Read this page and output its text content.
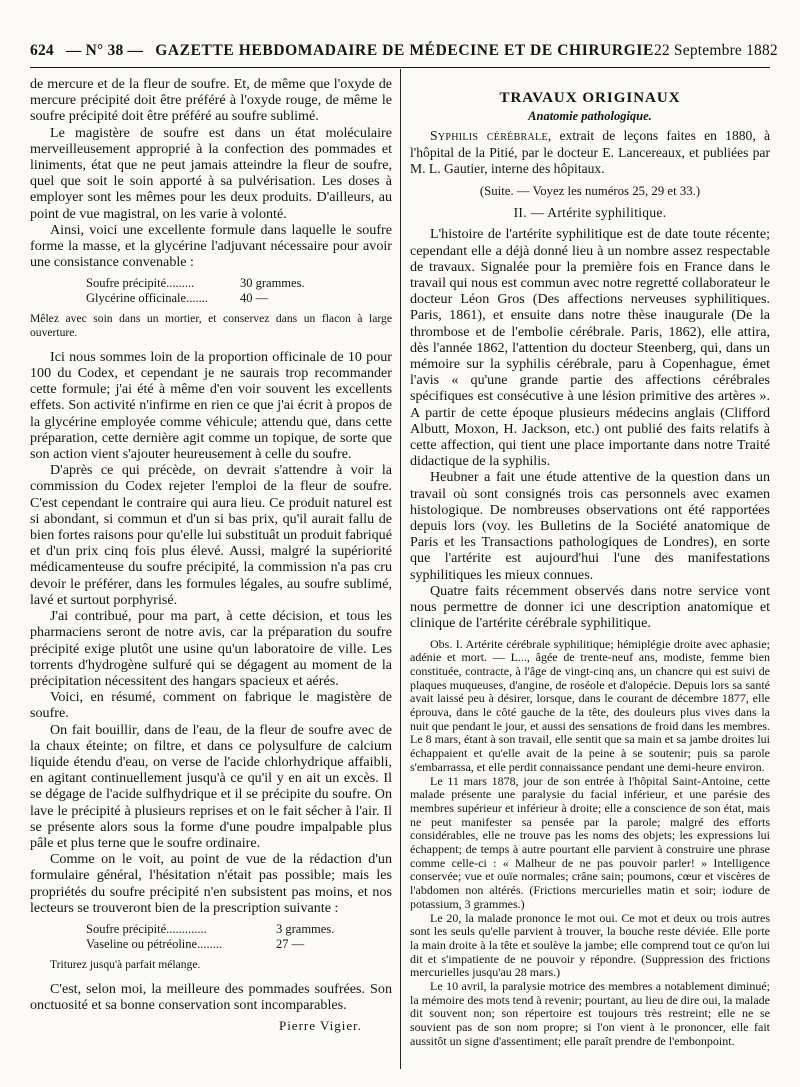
624 — N° 38 — GAZETTE HEBDOMADAIRE DE MÉDECINE ET DE CHIRURGIE 22 Septembre 1882

de mercure et de la fleur de soufre. Et, de même que l'oxyde de mercure précipité doit être préféré à l'oxyde rouge, de même le soufre précipité doit être préféré au soufre sublimé.

Le magistère de soufre est dans un état moléculaire merveilleusement approprié à la confection des pommades et liniments, état que ne peut jamais atteindre la fleur de soufre, quel que soit le soin apporté à sa pulvérisation. Les doses à employer sont les mêmes pour les deux produits. D'ailleurs, au point de vue magistral, on les varie à volonté.

Ainsi, voici une excellente formule dans laquelle le soufre forme la masse, et la glycérine l'adjuvant nécessaire pour avoir une consistance convenable :

Soufre précipité.........	30 grammes.
Glycérine officinale.......	40 —

Mêlez avec soin dans un mortier, et conservez dans un flacon à large ouverture.

Ici nous sommes loin de la proportion officinale de 10 pour 100 du Codex, et cependant je ne saurais trop recommander cette formule; j'ai été à même d'en voir souvent les excellents effets. Son activité n'infirme en rien ce que j'ai écrit à propos de la glycérine employée comme véhicule; attendu que, dans cette préparation, cette dernière agit comme un topique, de sorte que son action vient s'ajouter heureusement à celle du soufre.

D'après ce qui précède, on devrait s'attendre à voir la commission du Codex rejeter l'emploi de la fleur de soufre. C'est cependant le contraire qui aura lieu. Ce produit naturel est si abondant, si commun et d'un si bas prix, qu'il aurait fallu de bien fortes raisons pour qu'elle lui substituât un produit fabriqué et d'un prix cinq fois plus élevé. Aussi, malgré la supériorité médicamenteuse du soufre précipité, la commission n'a pas cru devoir le préférer, dans les formules légales, au soufre sublimé, lavé et surtout porphyrisé.

J'ai contribué, pour ma part, à cette décision, et tous les pharmaciens seront de notre avis, car la préparation du soufre précipité exige plutôt une usine qu'un laboratoire de ville. Les torrents d'hydrogène sulfuré qui se dégagent au moment de la précipitation nécessitent des hangars spacieux et aérés.

Voici, en résumé, comment on fabrique le magistère de soufre.

On fait bouillir, dans de l'eau, de la fleur de soufre avec de la chaux éteinte; on filtre, et dans ce polysulfure de calcium liquide étendu d'eau, on verse de l'acide chlorhydrique affaibli, en agitant continuellement jusqu'à ce qu'il y en ait un excès. Il se dégage de l'acide sulfhydrique et il se précipite du soufre. On lave le précipité à plusieurs reprises et on le fait sécher à l'air. Il se présente alors sous la forme d'une poudre impalpable plus pâle et plus terne que le soufre ordinaire.

Comme on le voit, au point de vue de la rédaction d'un formulaire général, l'hésitation n'était pas possible; mais les propriétés du soufre précipité n'en subsistent pas moins, et nos lecteurs se trouveront bien de la prescription suivante :

Soufre précipité.............	3 grammes.
Vaseline ou pétréoline........	27 —

Triturez jusqu'à parfait mélange.

C'est, selon moi, la meilleure des pommades soufrées. Son onctuosité et sa bonne conservation sont incomparables.

Pierre Vigier.

TRAVAUX ORIGINAUX
Anatomie pathologique.

Syphilis cérébrale, extrait de leçons faites en 1880, à l'hôpital de la Pitié, par le docteur E. Lancereaux, et publiées par M. L. Gautier, interne des hôpitaux.

(Suite. — Voyez les numéros 25, 29 et 33.)
II. — Artérite syphilitique.

L'histoire de l'artérite syphilitique est de date toute récente; cependant elle a déjà donné lieu à un nombre assez respectable de travaux. Signalée pour la première fois en France dans le travail qui nous est commun avec notre regretté collaborateur le docteur Léon Gros (Des affections nerveuses syphilitiques. Paris, 1861), et ensuite dans notre thèse inaugurale (De la thrombose et de l'embolie cérébrale. Paris, 1862), elle attira, dès l'année 1862, l'attention du docteur Steenberg, qui, dans un mémoire sur la syphilis cérébrale, paru à Copenhague, émet l'avis « qu'une grande partie des affections cérébrales spécifiques est consécutive à une lésion primitive des artères ». A partir de cette époque plusieurs médecins anglais (Clifford Albutt, Moxon, H. Jackson, etc.) ont publié des faits relatifs à cette affection, qui tient une place importante dans notre Traité didactique de la syphilis.

Heubner a fait une étude attentive de la question dans un travail où sont consignés trois cas personnels avec examen histologique. De nombreuses observations ont été rapportées depuis lors (voy. les Bulletins de la Société anatomique de Paris et les Transactions pathologiques de Londres), en sorte que l'artérite est aujourd'hui l'une des manifestations syphilitiques les mieux connues.

Quatre faits récemment observés dans notre service vont nous permettre de donner ici une description anatomique et clinique de l'artérite cérébrale syphilitique.

Obs. I. Artérite cérébrale syphilitique; hémiplégie droite avec aphasie; adénie et mort. — L..., âgée de trente-neuf ans, modiste, femme bien constituée, contracte, à l'âge de vingt-cinq ans, un chancre qui est suivi de plaques muqueuses, d'angine, de roséole et d'alopécie. Depuis lors sa santé avait laissé peu à désirer, lorsque, dans le courant de décembre 1877, elle éprouva, dans le côté gauche de la tête, des douleurs plus vives dans la nuit que pendant le jour, et aussi des sensations de froid dans les membres. Le 8 mars, étant à son travail, elle sentit que sa main et sa jambe droites lui échappaient et qu'elle avait de la peine à se soutenir; puis sa parole s'embarrassa, et elle perdit connaissance pendant une demi-heure environ.

Le 11 mars 1878, jour de son entrée à l'hôpital Saint-Antoine, cette malade présente une paralysie du facial inférieur, et une parésie des membres supérieur et inférieur à droite; elle a conscience de son état, mais ne peut manifester sa pensée par la parole; malgré des efforts considérables, elle ne trouve pas les noms des objets; les expressions lui échappent; de temps à autre pourtant elle parvient à construire une phrase comme celle-ci : « Malheur de ne pas pouvoir parler! » Intelligence conservée; vue et ouïe normales; crâne sain; poumons, cœur et viscères de l'abdomen non altérés. (Frictions mercurielles matin et soir; iodure de potassium, 3 grammes.)

Le 20, la malade prononce le mot oui. Ce mot et deux ou trois autres sont les seuls qu'elle parvient à trouver, la bouche reste déviée. Elle porte la main droite à la tête et soulève la jambe; elle comprend tout ce qu'on lui dit et s'impatiente de ne pouvoir y répondre. (Suppression des frictions mercurielles jusqu'au 28 mars.)

Le 10 avril, la paralysie motrice des membres a notablement diminué; la mémoire des mots tend à revenir; pourtant, au lieu de dire oui, la malade dit souvent non; son répertoire est toujours très restreint; elle ne se souvient pas de son nom propre; si l'on vient à le prononcer, elle fait aussitôt un signe d'assentiment; elle paraît prendre de l'embonpoint.
